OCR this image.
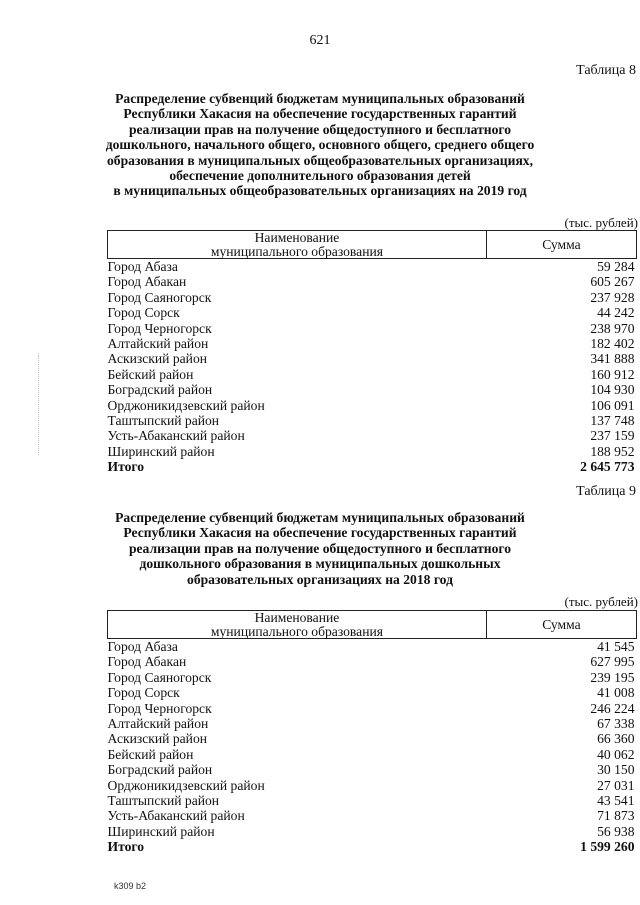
621
Таблица 8
Распределение субвенций бюджетам муниципальных образований
Республики Хакасия на обеспечение государственных гарантий
реализации прав на получение общедоступного и бесплатного
дошкольного, начального общего, основного общего, среднего общего
образования в муниципальных общеобразовательных организациях,
обеспечение дополнительного образования детей
в муниципальных общеобразовательных организациях на 2019 год
(тыс. рублей)
Наименование
муниципального образования	Сумма
Город Абаза	59 284
Город Абакан	605 267
Город Саяногорск	237 928
Город Сорск	44 242
Город Черногорск	238 970
Алтайский район	182 402
Аскизский район	341 888
Бейский район	160 912
Боградский район	104 930
Орджоникидзевский район	106 091
Таштыпский район	137 748
Усть-Абаканский район	237 159
Ширинский район	188 952
Итого	2 645 773
Таблица 9
Распределение субвенций бюджетам муниципальных образований
Республики Хакасия на обеспечение государственных гарантий
реализации прав на получение общедоступного и бесплатного
дошкольного образования в муниципальных дошкольных
образовательных организациях на 2018 год
(тыс. рублей)
Наименование
муниципального образования	Сумма
Город Абаза	41 545
Город Абакан	627 995
Город Саяногорск	239 195
Город Сорск	41 008
Город Черногорск	246 224
Алтайский район	67 338
Аскизский район	66 360
Бейский район	40 062
Боградский район	30 150
Орджоникидзевский район	27 031
Таштыпский район	43 541
Усть-Абаканский район	71 873
Ширинский район	56 938
Итого	1 599 260
k309 b2
